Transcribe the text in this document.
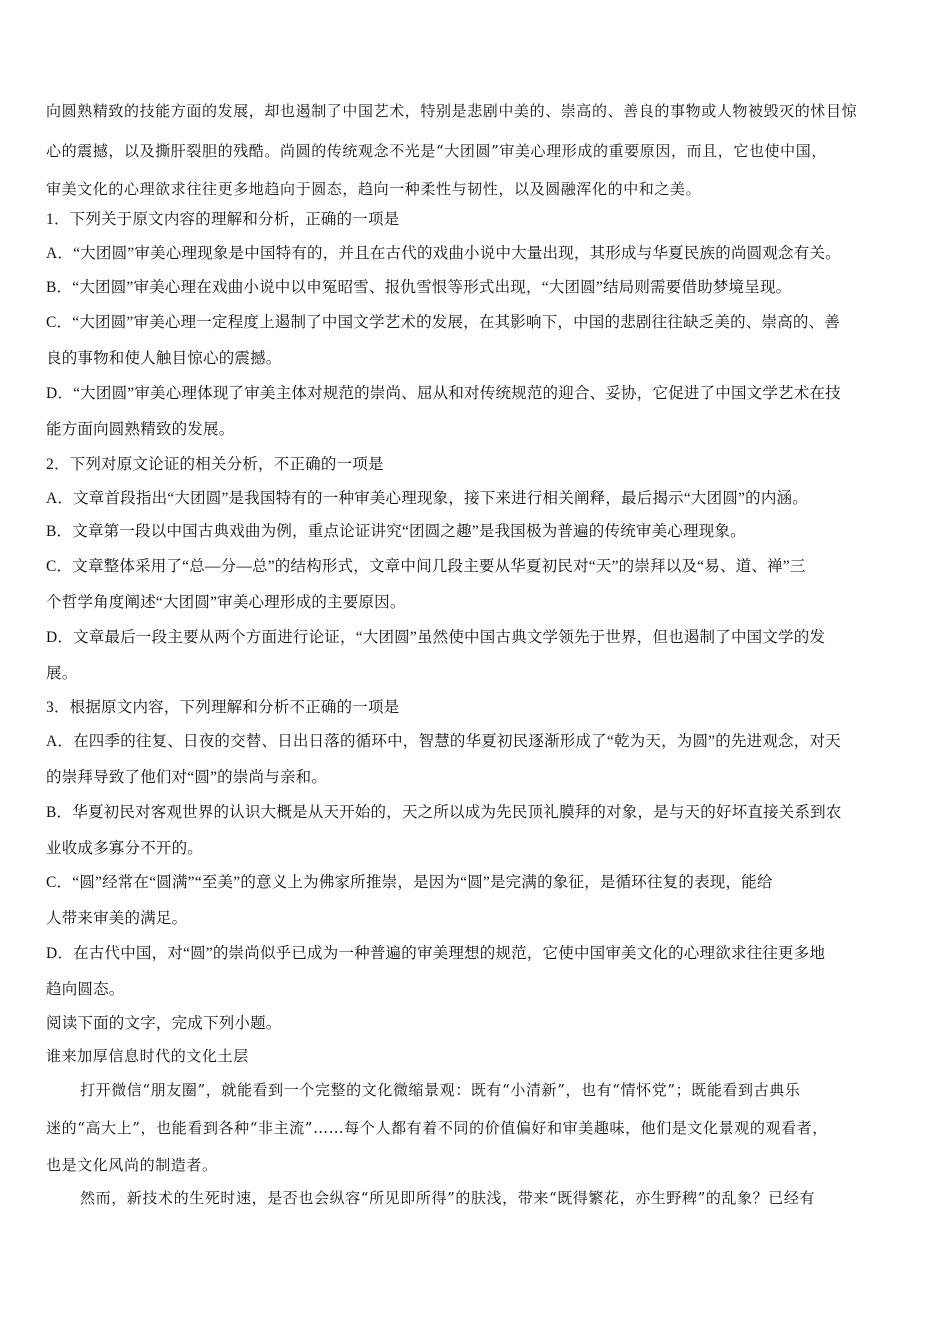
向圆熟精致的技能方面的发展，却也遏制了中国艺术，特别是悲剧中美的、崇高的、善良的事物或人物被毁灭的怵目惊
心的震撼，以及撕肝裂胆的残酷。尚圆的传统观念不光是“大团圆”审美心理形成的重要原因，而且，它也使中国，
审美文化的心理欲求往往更多地趋向于圆态，趋向一种柔性与韧性，以及圆融浑化的中和之美。
1．下列关于原文内容的理解和分析，正确的一项是
A．“大团圆”审美心理现象是中国特有的，并且在古代的戏曲小说中大量出现，其形成与华夏民族的尚圆观念有关。
B．“大团圆”审美心理在戏曲小说中以申冤昭雪、报仇雪恨等形式出现，“大团圆”结局则需要借助梦境呈现。
C．“大团圆”审美心理一定程度上遏制了中国文学艺术的发展，在其影响下，中国的悲剧往往缺乏美的、崇高的、善
良的事物和使人触目惊心的震撼。
D．“大团圆”审美心理体现了审美主体对规范的崇尚、屈从和对传统规范的迎合、妥协，它促进了中国文学艺术在技
能方面向圆熟精致的发展。
2．下列对原文论证的相关分析，不正确的一项是
A．文章首段指出“大团圆”是我国特有的一种审美心理现象，接下来进行相关阐释，最后揭示“大团圆”的内涵。
B．文章第一段以中国古典戏曲为例，重点论证讲究“团圆之趣”是我国极为普遍的传统审美心理现象。
C．文章整体采用了“总—分—总”的结构形式，文章中间几段主要从华夏初民对“天”的崇拜以及“易、道、禅”三
个哲学角度阐述“大团圆”审美心理形成的主要原因。
D．文章最后一段主要从两个方面进行论证，“大团圆”虽然使中国古典文学领先于世界，但也遏制了中国文学的发
展。
3．根据原文内容，下列理解和分析不正确的一项是
A．在四季的往复、日夜的交替、日出日落的循环中，智慧的华夏初民逐渐形成了“乾为天，为圆”的先进观念，对天
的崇拜导致了他们对“圆”的崇尚与亲和。
B．华夏初民对客观世界的认识大概是从天开始的，天之所以成为先民顶礼膜拜的对象，是与天的好坏直接关系到农
业收成多寡分不开的。
C．“圆”经常在“圆满”“至美”的意义上为佛家所推崇，是因为“圆”是完满的象征，是循环往复的表现，能给
人带来审美的满足。
D．在古代中国，对“圆”的崇尚似乎已成为一种普遍的审美理想的规范，它使中国审美文化的心理欲求往往更多地
趋向圆态。
阅读下面的文字，完成下列小题。
谁来加厚信息时代的文化土层
打开微信“朋友圈”，就能看到一个完整的文化微缩景观：既有“小清新”，也有“情怀党”；既能看到古典乐
迷的“高大上”，也能看到各种“非主流”……每个人都有着不同的价值偏好和审美趣味，他们是文化景观的观看者，
也是文化风尚的制造者。
然而，新技术的生死时速，是否也会纵容“所见即所得”的肤浅，带来“既得繁花，亦生野稗”的乱象？已经有
